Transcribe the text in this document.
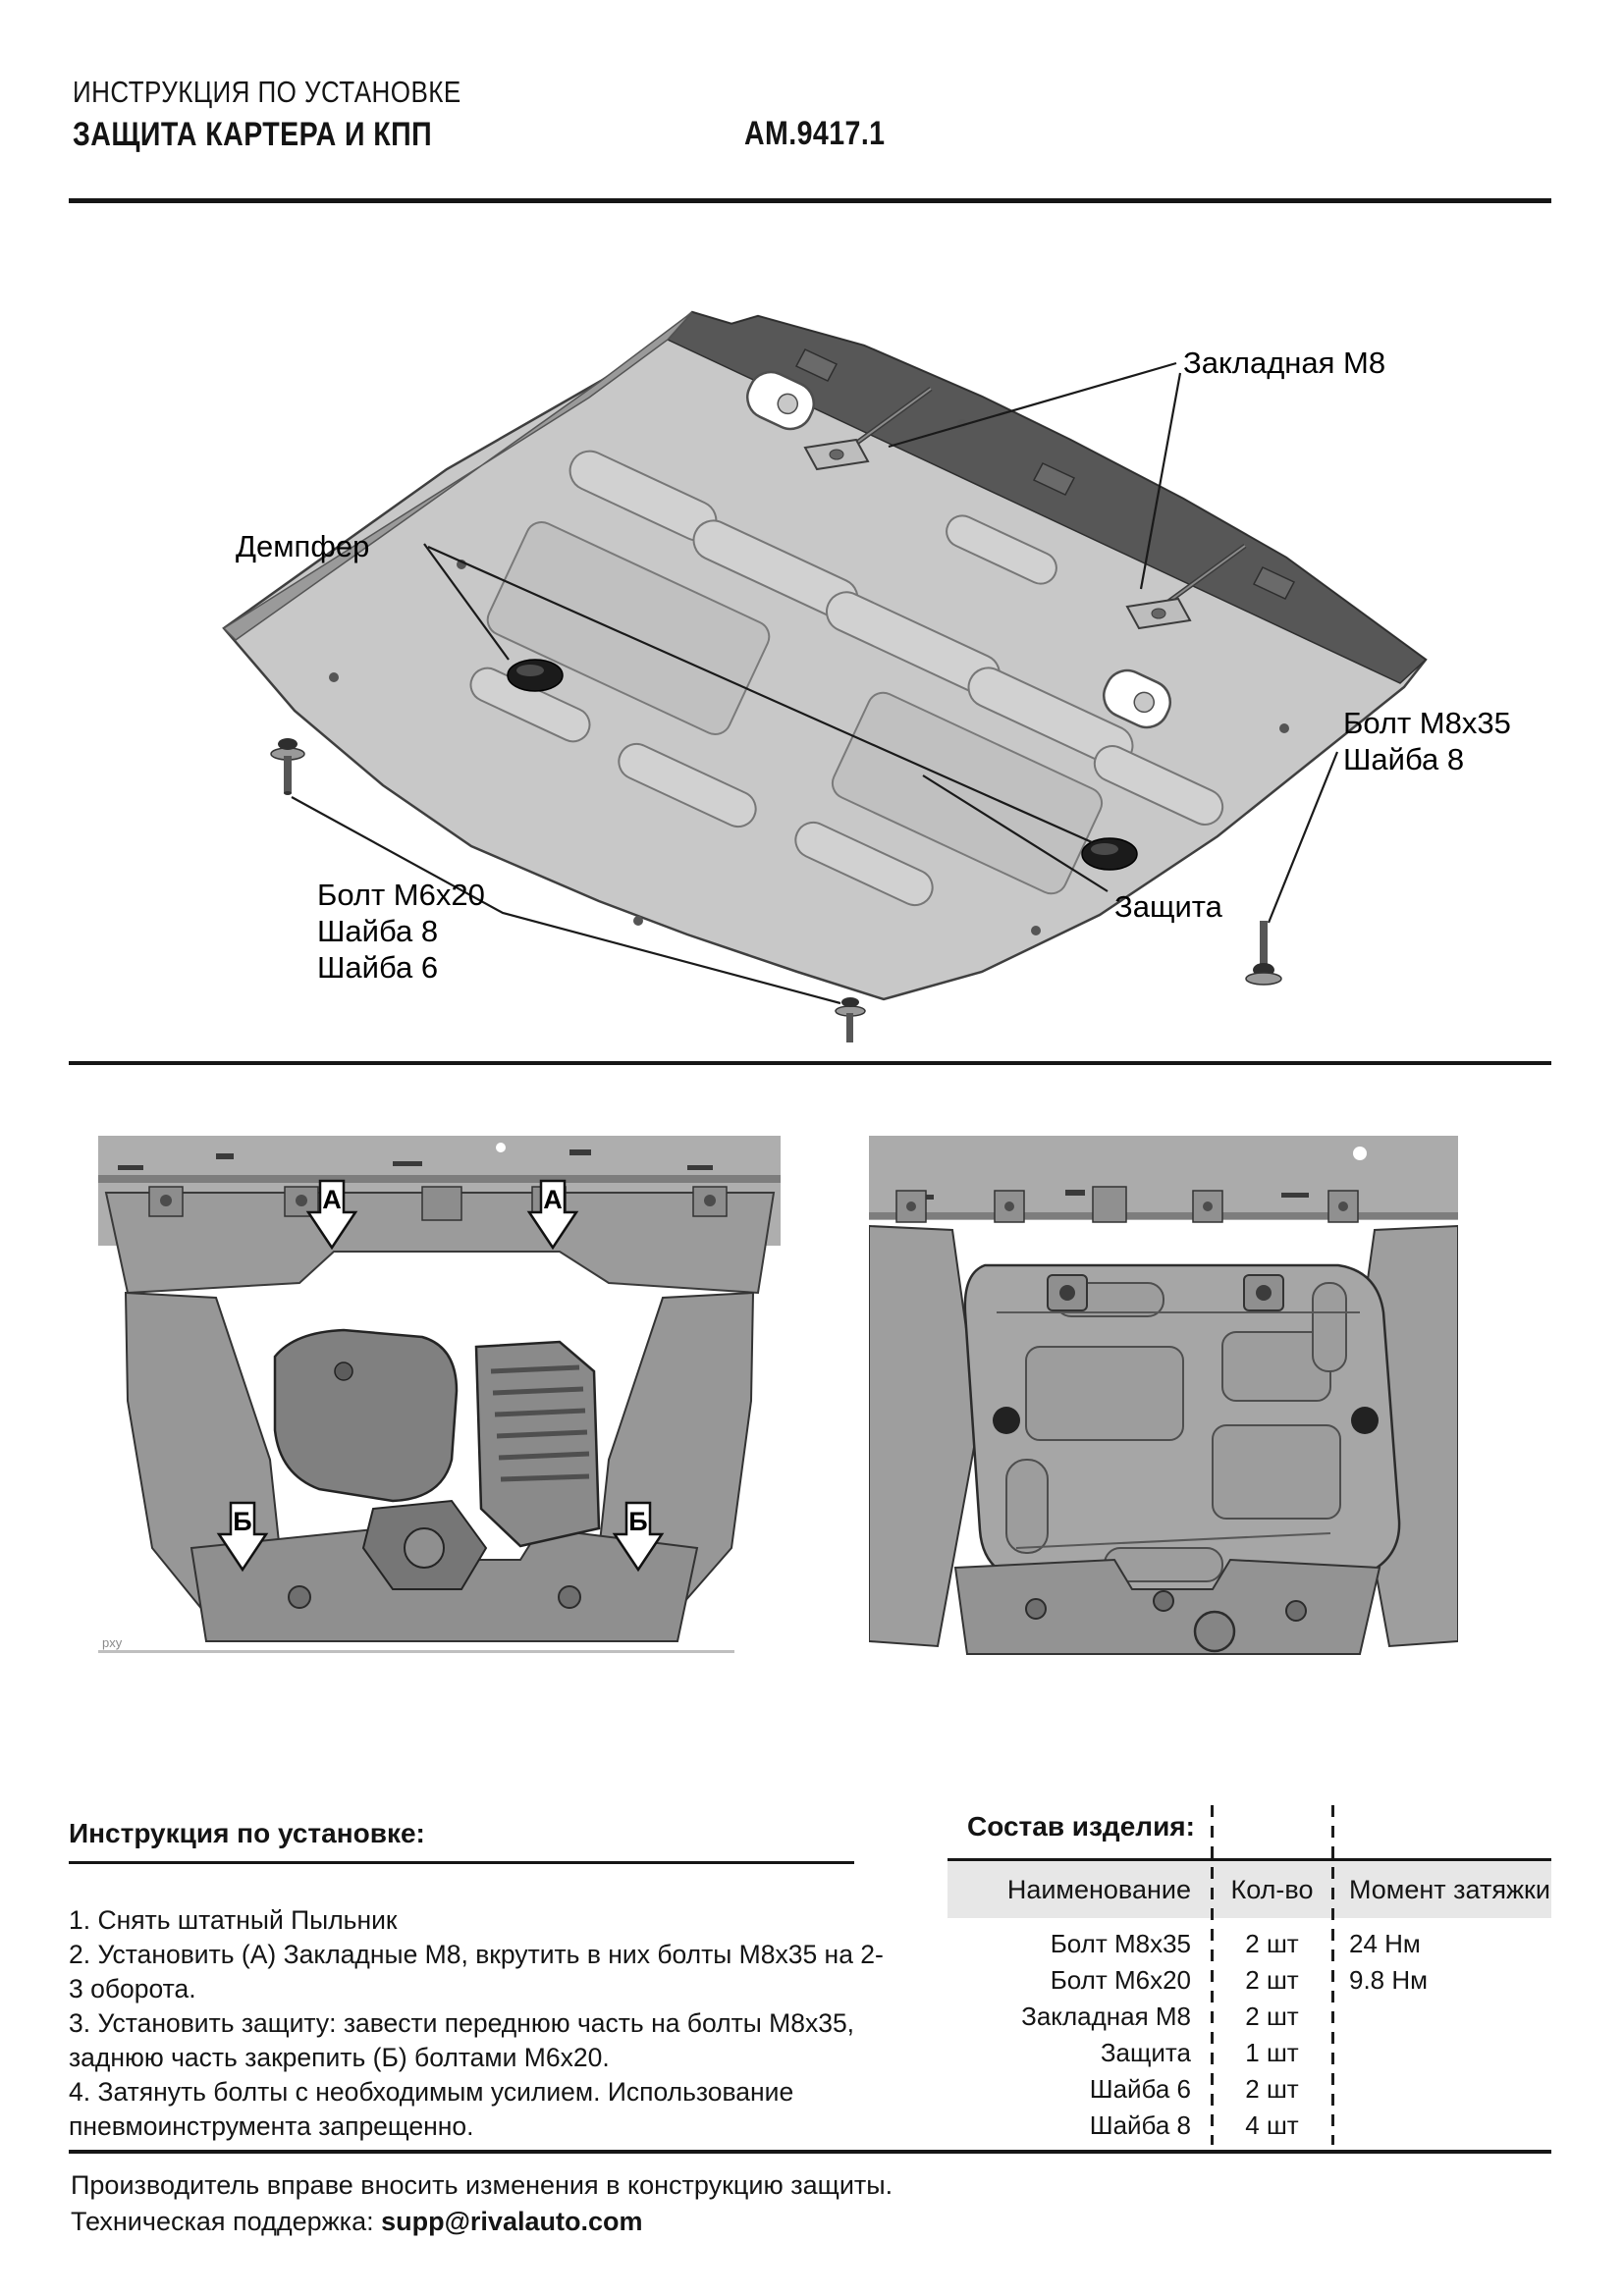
ИНСТРУКЦИЯ ПО УСТАНОВКЕ
ЗАЩИТА КАРТЕРА И КПП	АМ.9417.1
Закладная М8
Демпфер
Болт М8х35
Шайба 8
Болт М6х20
Шайба 8
Шайба 6
Защита
А	А
Б	Б
pxy
Инструкция по установке:

1. Снять штатный Пыльник

2. Установить (А) Закладные М8, вкрутить в них болты М8х35 на 2-3 оборота.

3. Установить защиту: завести переднюю часть на болты М8х35, заднюю часть закрепить (Б) болтами М6х20.

4. Затянуть болты с необходимым усилием. Использование пневмоинструмента запрещенно.

Состав изделия:
Наименование	Кол-во	Момент затяжки
Болт М8х35	2 шт	24 Нм
Болт М6х20	2 шт	9.8 Нм
Закладная М8	2 шт
Защита	1 шт
Шайба 6	2 шт
Шайба 8	4 шт
Производитель вправе вносить изменения в конструкцию защиты.
Техническая поддержка: supp@rivalauto.com
